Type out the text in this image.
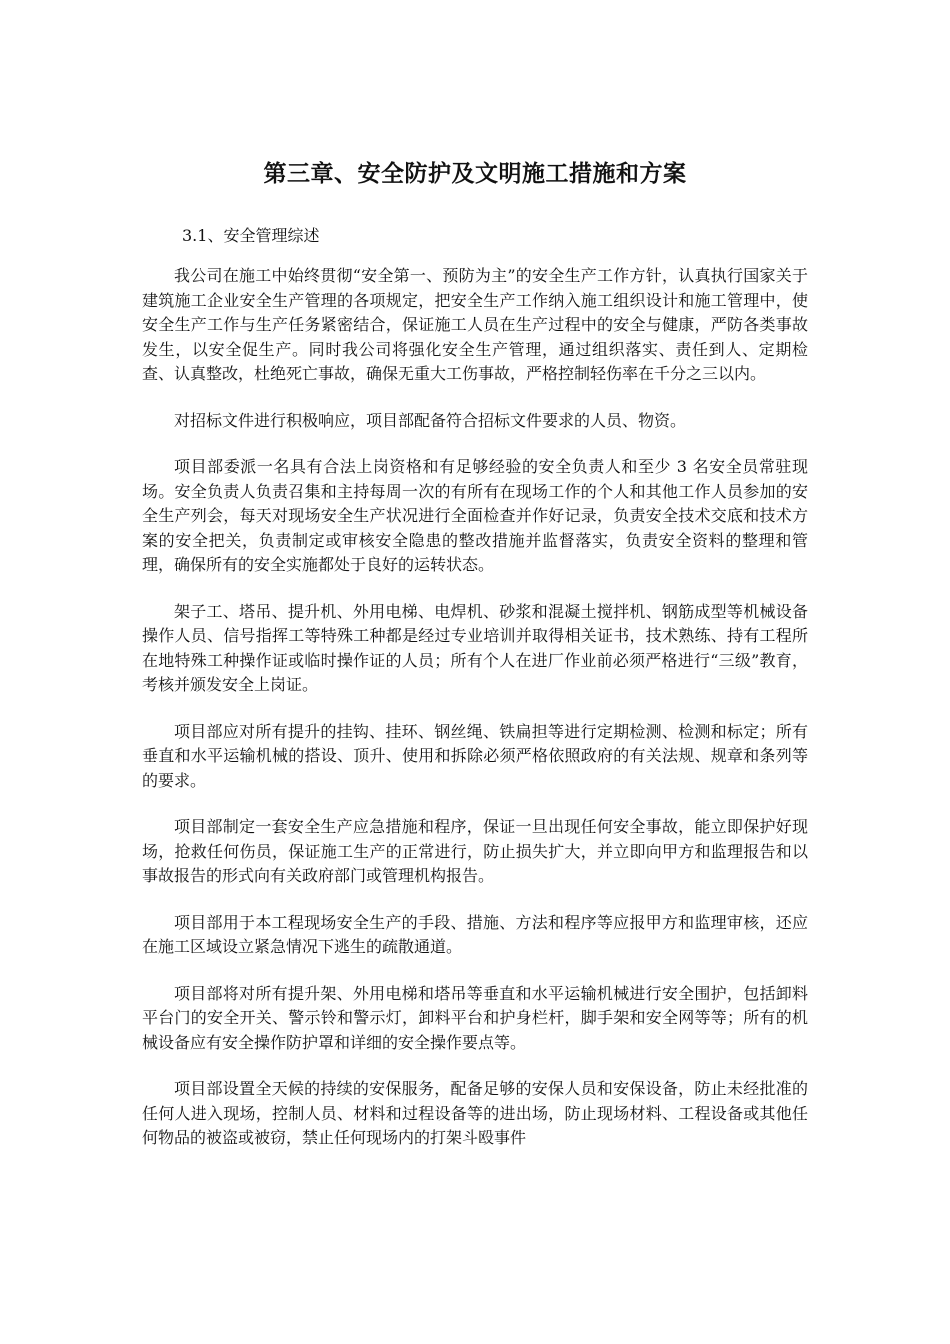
第三章、安全防护及文明施工措施和方案

3.1、安全管理综述

我公司在施工中始终贯彻“安全第一、预防为主”的安全生产工作方针，认真执行国家关于建筑施工企业安全生产管理的各项规定，把安全生产工作纳入施工组织设计和施工管理中，使安全生产工作与生产任务紧密结合，保证施工人员在生产过程中的安全与健康，严防各类事故发生，以安全促生产。同时我公司将强化安全生产管理，通过组织落实、责任到人、定期检查、认真整改，杜绝死亡事故，确保无重大工伤事故，严格控制轻伤率在千分之三以内。

对招标文件进行积极响应，项目部配备符合招标文件要求的人员、物资。

项目部委派一名具有合法上岗资格和有足够经验的安全负责人和至少 3 名安全员常驻现场。安全负责人负责召集和主持每周一次的有所有在现场工作的个人和其他工作人员参加的安全生产列会，每天对现场安全生产状况进行全面检查并作好记录，负责安全技术交底和技术方案的安全把关，负责制定或审核安全隐患的整改措施并监督落实，负责安全资料的整理和管理，确保所有的安全实施都处于良好的运转状态。

架子工、塔吊、提升机、外用电梯、电焊机、砂浆和混凝土搅拌机、钢筋成型等机械设备操作人员、信号指挥工等特殊工种都是经过专业培训并取得相关证书，技术熟练、持有工程所在地特殊工种操作证或临时操作证的人员；所有个人在进厂作业前必须严格进行“三级”教育，考核并颁发安全上岗证。

项目部应对所有提升的挂钩、挂环、钢丝绳、铁扁担等进行定期检测、检测和标定；所有垂直和水平运输机械的搭设、顶升、使用和拆除必须严格依照政府的有关法规、规章和条列等的要求。

项目部制定一套安全生产应急措施和程序，保证一旦出现任何安全事故，能立即保护好现场，抢救任何伤员，保证施工生产的正常进行，防止损失扩大，并立即向甲方和监理报告和以事故报告的形式向有关政府部门或管理机构报告。

项目部用于本工程现场安全生产的手段、措施、方法和程序等应报甲方和监理审核，还应在施工区域设立紧急情况下逃生的疏散通道。

项目部将对所有提升架、外用电梯和塔吊等垂直和水平运输机械进行安全围护，包括卸料平台门的安全开关、警示铃和警示灯，卸料平台和护身栏杆，脚手架和安全网等等；所有的机械设备应有安全操作防护罩和详细的安全操作要点等。

项目部设置全天候的持续的安保服务，配备足够的安保人员和安保设备，防止未经批准的任何人进入现场，控制人员、材料和过程设备等的进出场，防止现场材料、工程设备或其他任何物品的被盗或被窃，禁止任何现场内的打架斗殴事件
